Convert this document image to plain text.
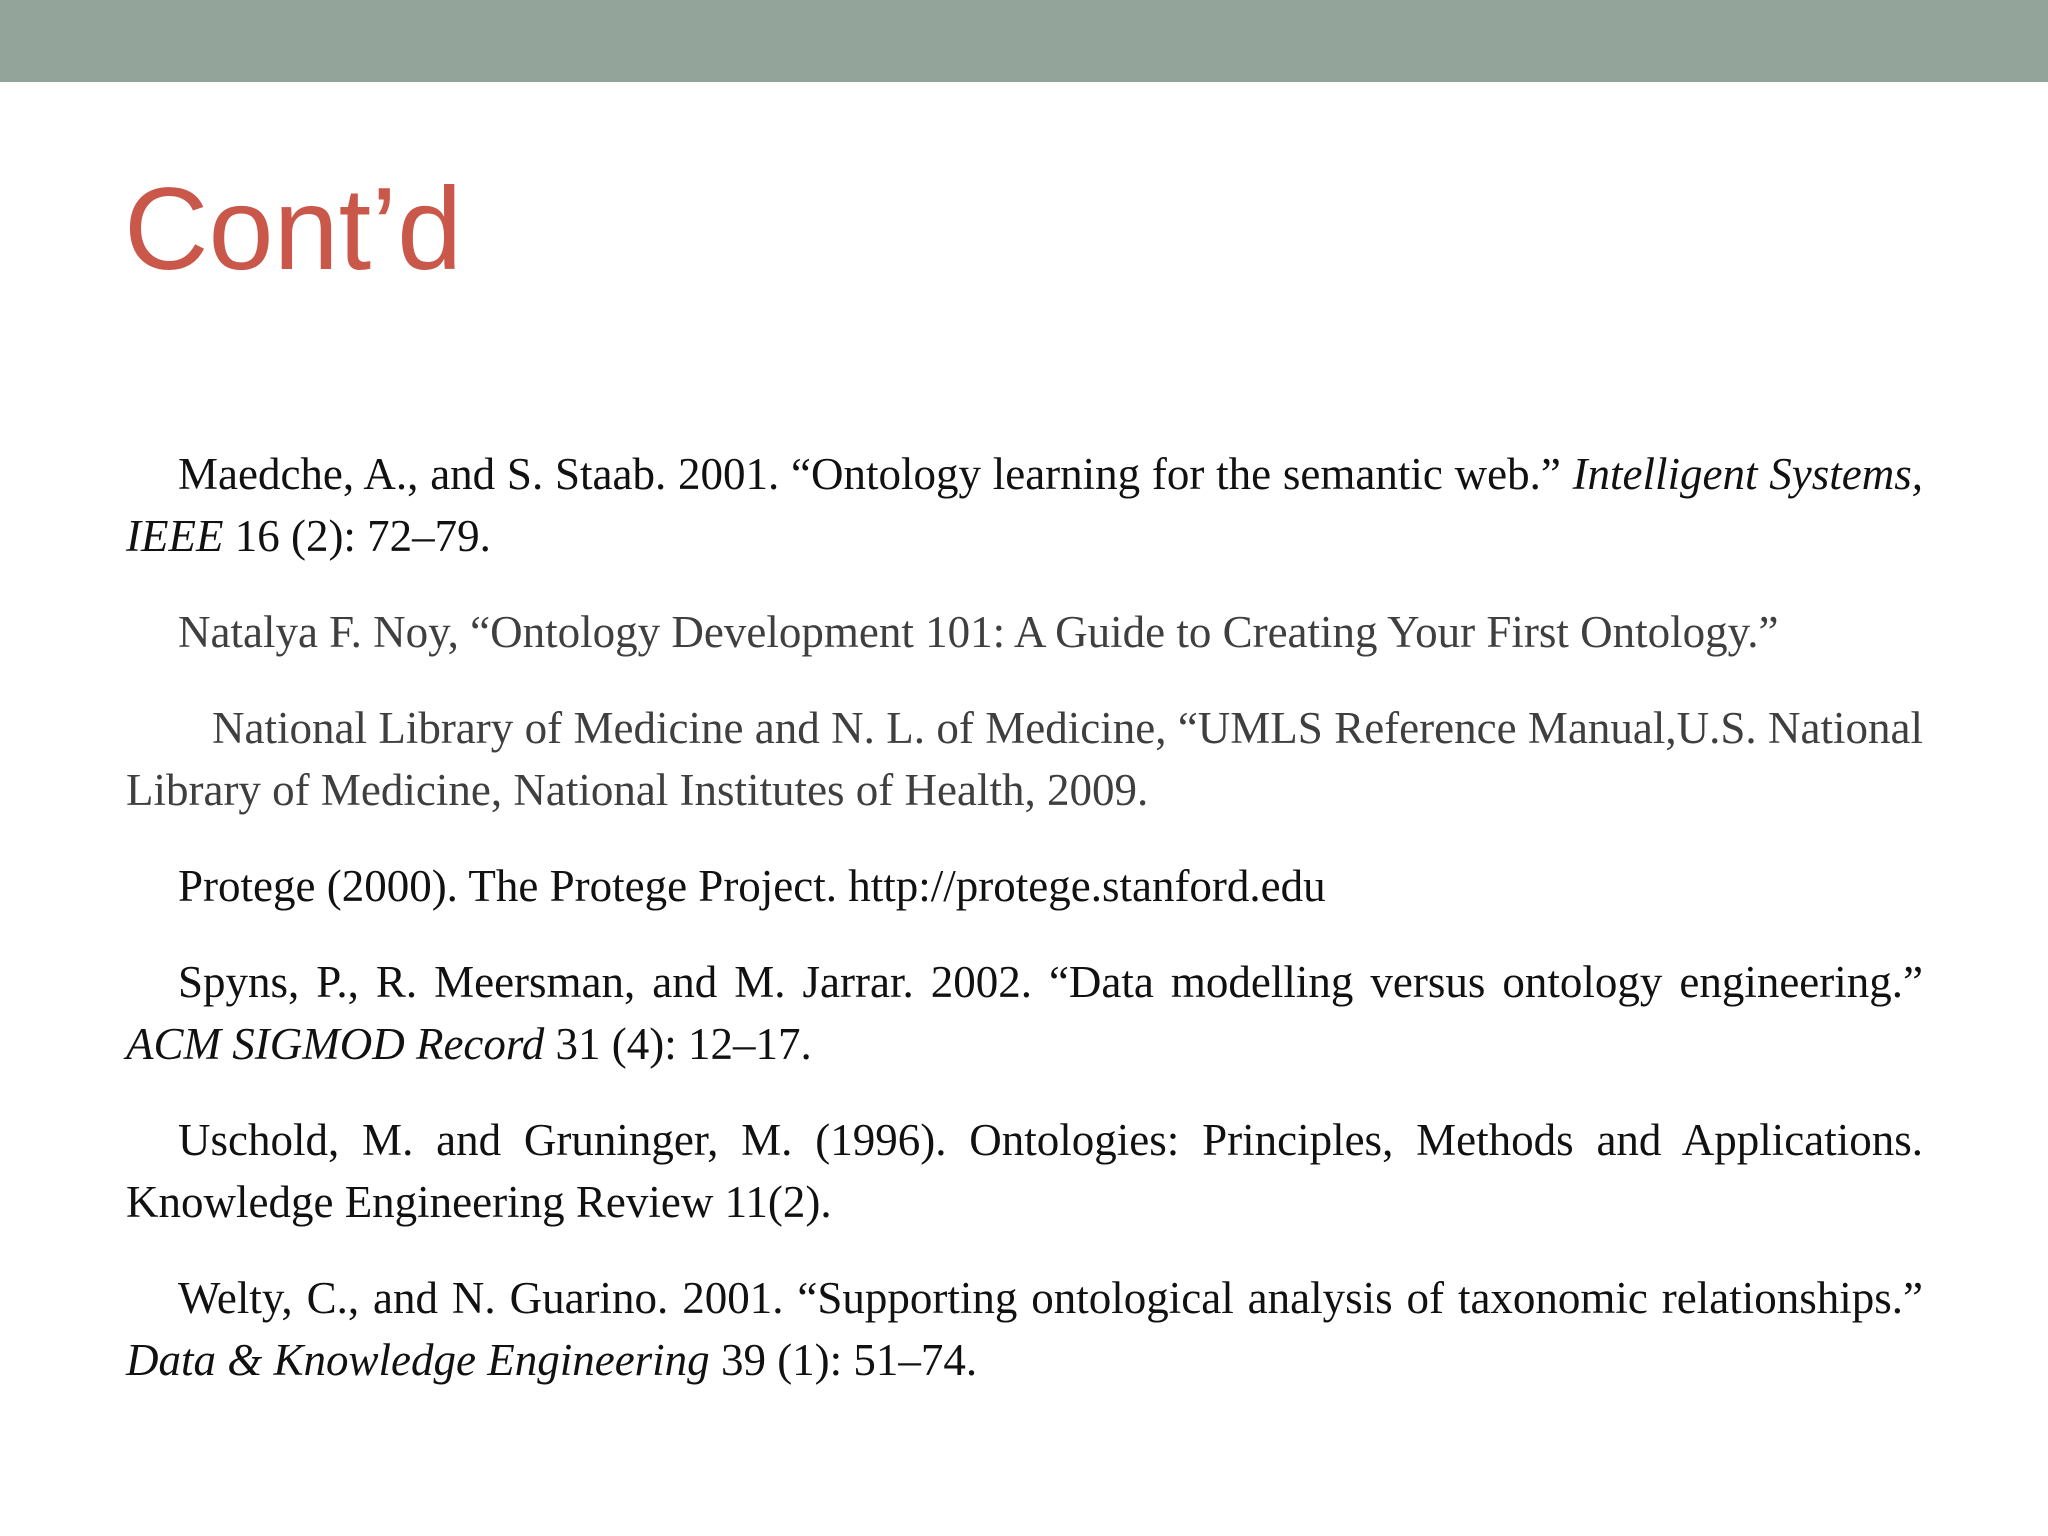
Cont’d

Maedche, A., and S. Staab. 2001. “Ontology learning for the semantic web.” Intelligent Systems, IEEE 16 (2): 72–79.

Natalya F. Noy, “Ontology Development 101: A Guide to Creating Your First Ontology.”

National Library of Medicine and N. L. of Medicine, “UMLS Reference Manual,U.S. National Library of Medicine, National Institutes of Health, 2009.

Protege (2000). The Protege Project. http://protege.stanford.edu

Spyns, P., R. Meersman, and M. Jarrar. 2002. “Data modelling versus ontology engineering.” ACM SIGMOD Record 31 (4): 12–17.

Uschold, M. and Gruninger, M. (1996). Ontologies: Principles, Methods and Applications. Knowledge Engineering Review 11(2).

Welty, C., and N. Guarino. 2001. “Supporting ontological analysis of taxonomic relationships.” Data & Knowledge Engineering 39 (1): 51–74.
